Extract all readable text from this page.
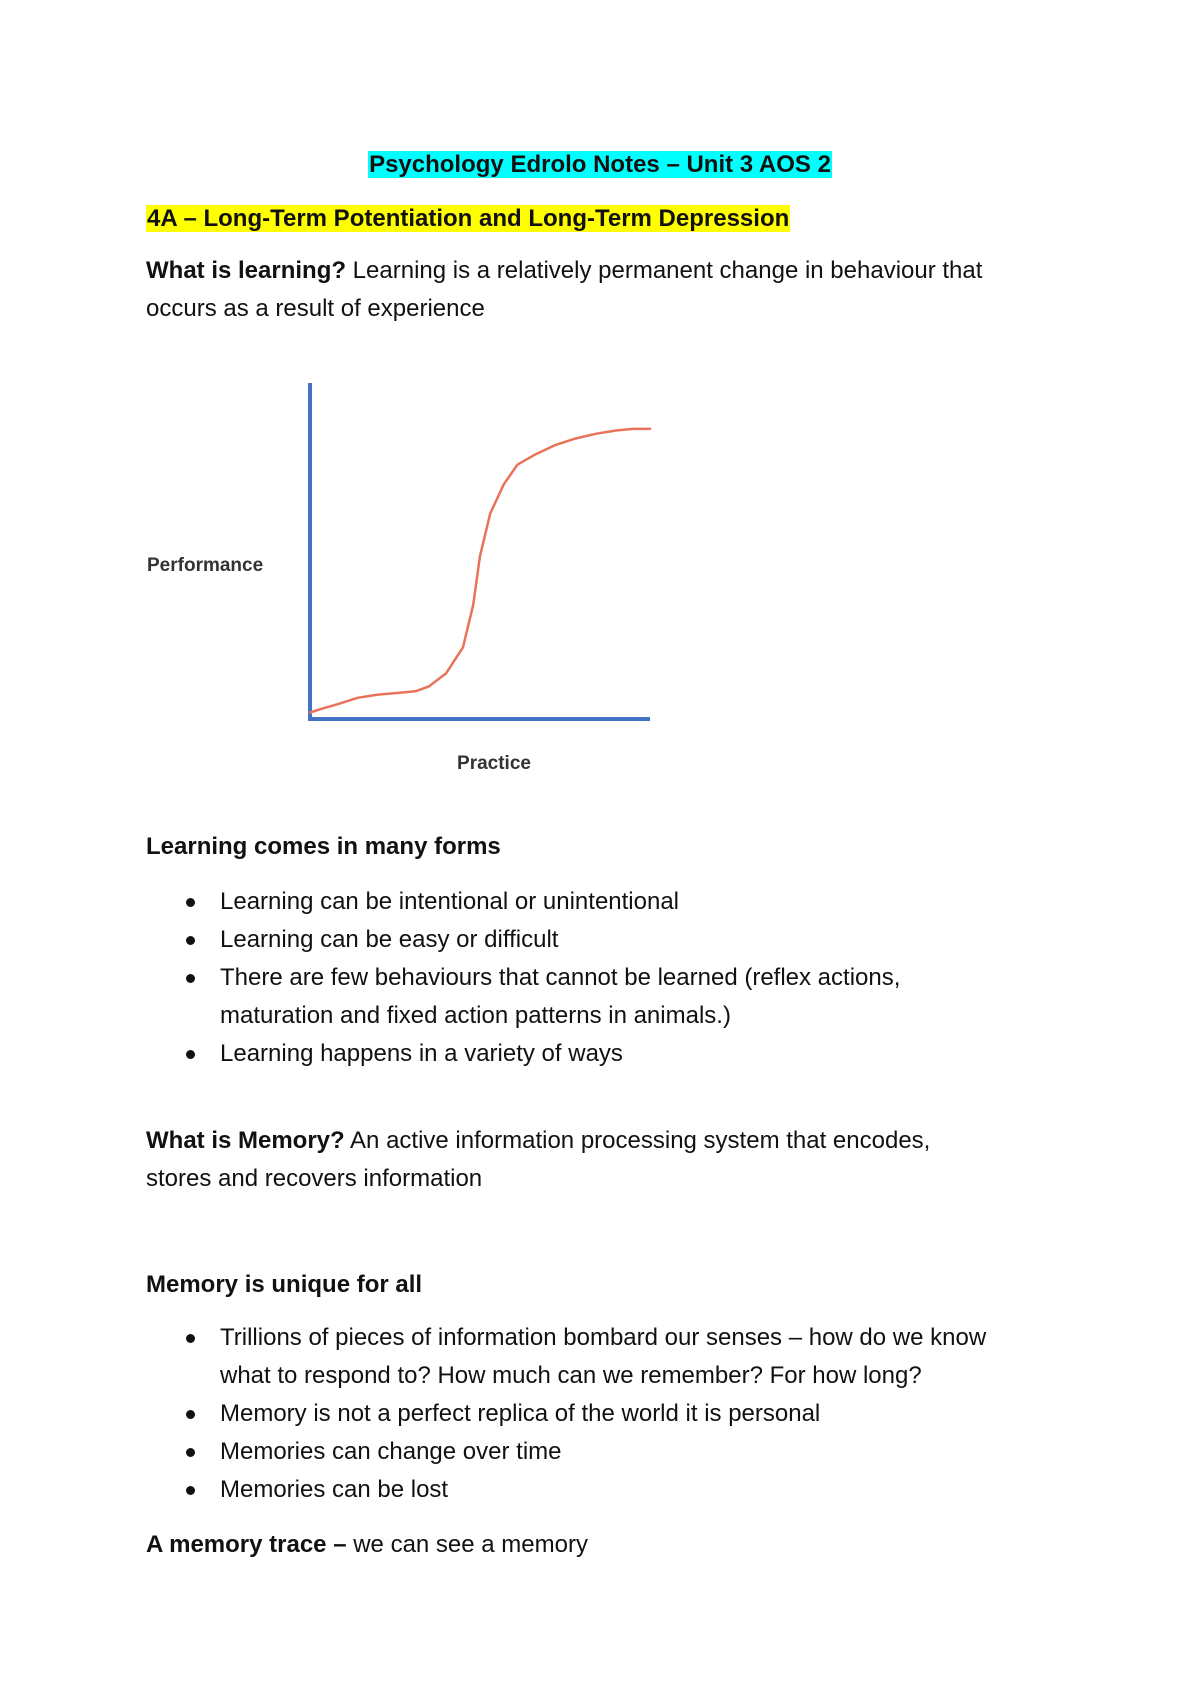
Psychology Edrolo Notes – Unit 3 AOS 2
4A – Long-Term Potentiation and Long-Term Depression
What is learning? Learning is a relatively permanent change in behaviour that
occurs as a result of experience
Performance
Practice
Learning comes in many forms
Learning can be intentional or unintentional
Learning can be easy or difficult
There are few behaviours that cannot be learned (reflex actions,
maturation and fixed action patterns in animals.)
Learning happens in a variety of ways
What is Memory? An active information processing system that encodes,
stores and recovers information
Memory is unique for all
Trillions of pieces of information bombard our senses – how do we know
what to respond to? How much can we remember? For how long?
Memory is not a perfect replica of the world it is personal
Memories can change over time
Memories can be lost
A memory trace – we can see a memory
